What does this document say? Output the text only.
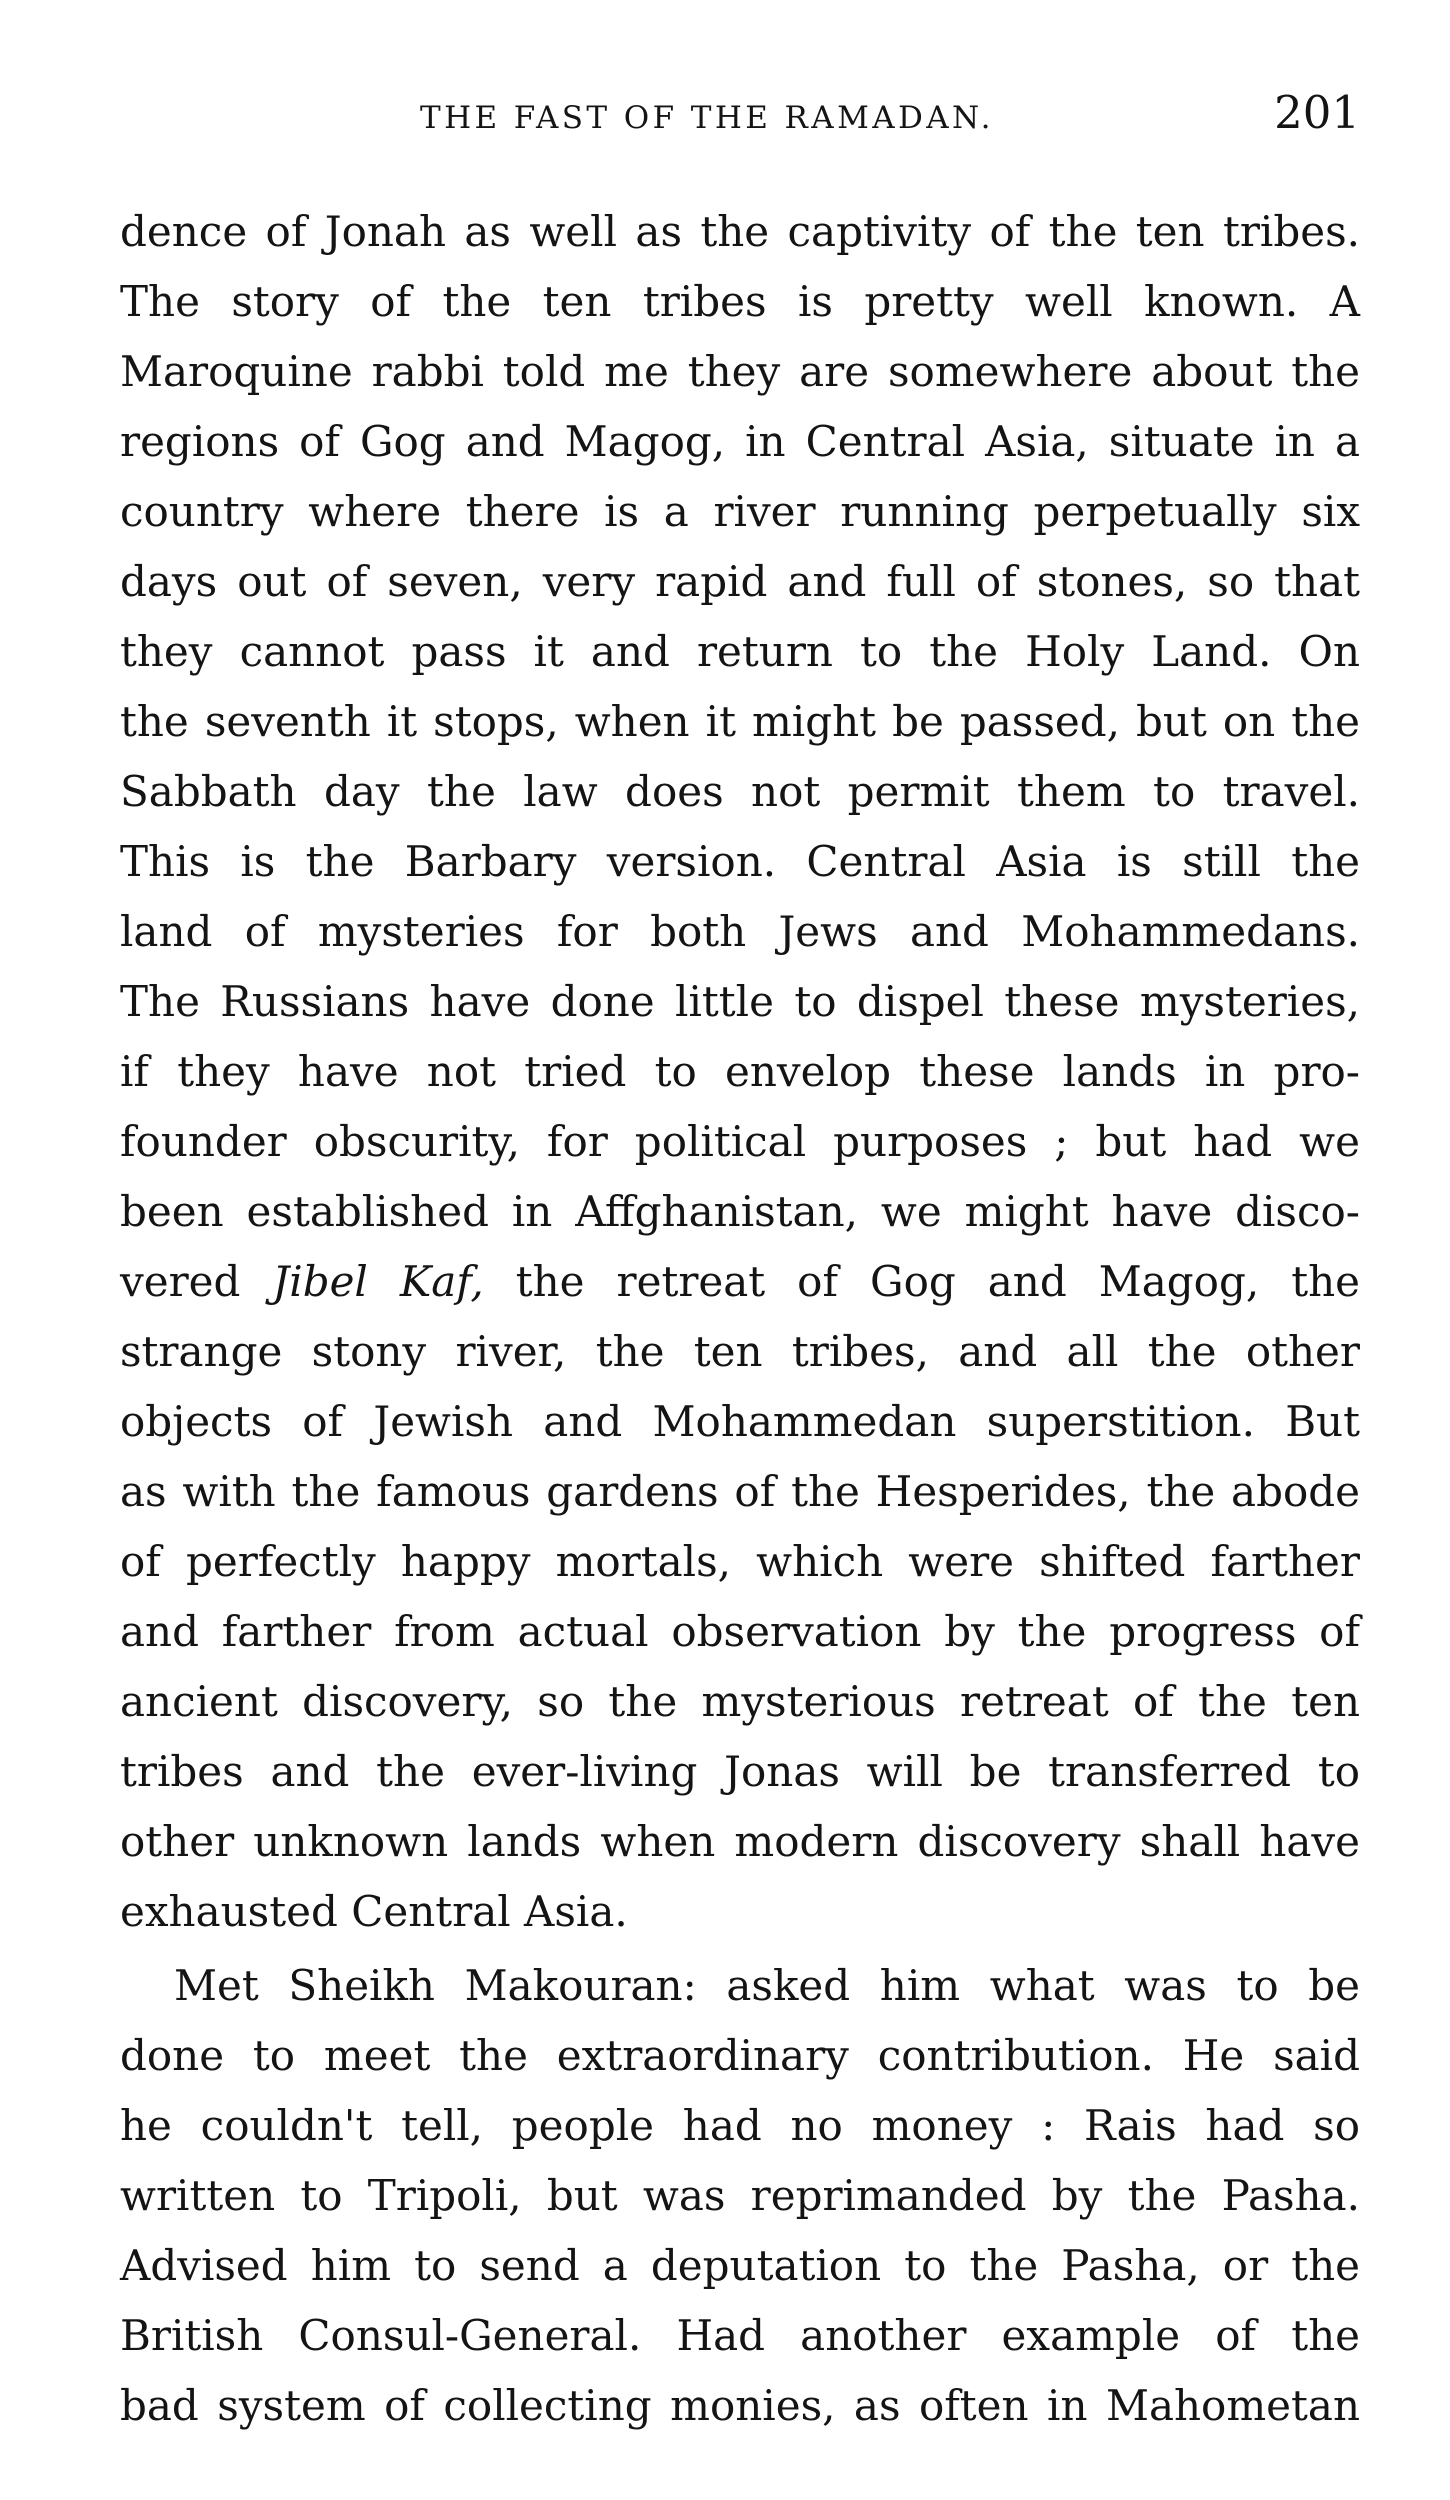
THE FAST OF THE RAMADAN.	201
dence of Jonah as well as the captivity of the ten tribes.
The story of the ten tribes is pretty well known. A
Maroquine rabbi told me they are somewhere about the
regions of Gog and Magog, in Central Asia, situate in a
country where there is a river running perpetually six
days out of seven, very rapid and full of stones, so that
they cannot pass it and return to the Holy Land. On
the seventh it stops, when it might be passed, but on the
Sabbath day the law does not permit them to travel.
This is the Barbary version. Central Asia is still the
land of mysteries for both Jews and Mohammedans.
The Russians have done little to dispel these mysteries,
if they have not tried to envelop these lands in pro-
founder obscurity, for political purposes ; but had we
been established in Affghanistan, we might have disco-
vered Jibel Kaf, the retreat of Gog and Magog, the
strange stony river, the ten tribes, and all the other
objects of Jewish and Mohammedan superstition. But
as with the famous gardens of the Hesperides, the abode
of perfectly happy mortals, which were shifted farther
and farther from actual observation by the progress of
ancient discovery, so the mysterious retreat of the ten
tribes and the ever-living Jonas will be transferred to
other unknown lands when modern discovery shall have
exhausted Central Asia.
Met Sheikh Makouran: asked him what was to be
done to meet the extraordinary contribution. He said
he couldn't tell, people had no money : Rais had so
written to Tripoli, but was reprimanded by the Pasha.
Advised him to send a deputation to the Pasha, or the
British Consul-General. Had another example of the
bad system of collecting monies, as often in Mahometan
